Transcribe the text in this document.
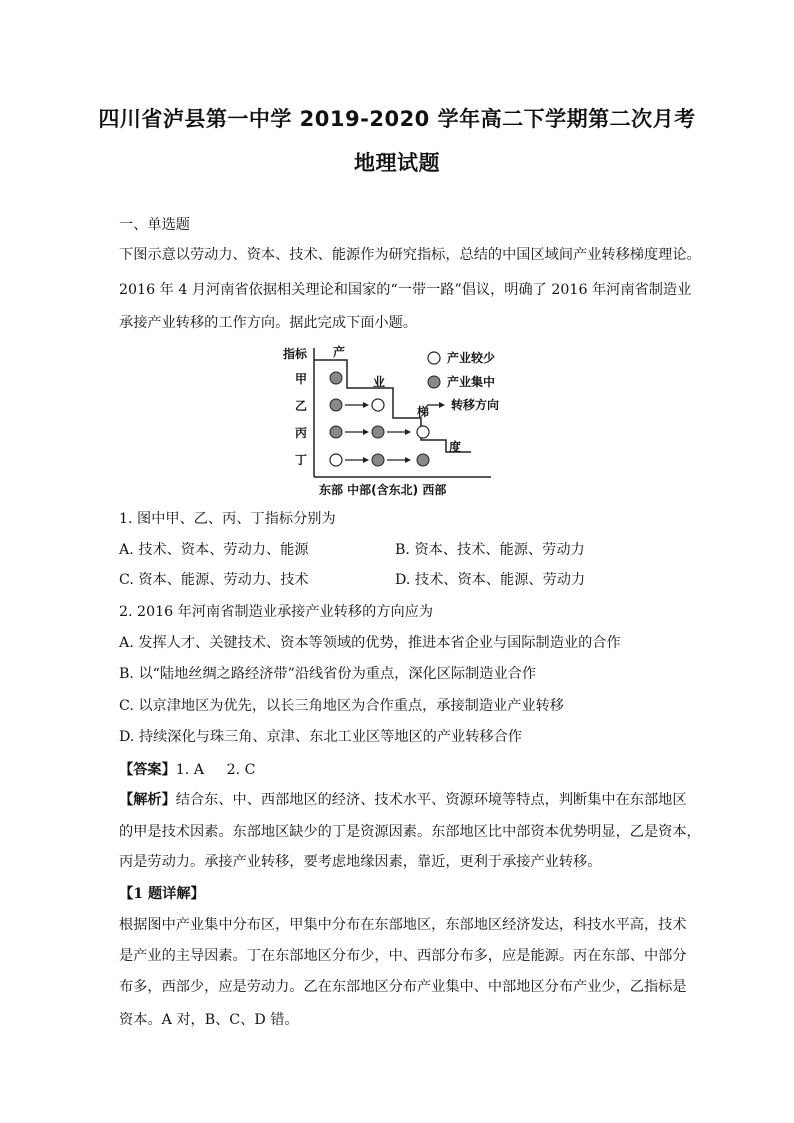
四川省泸县第一中学 2019-2020 学年高二下学期第二次月考
地理试题
一、单选题
下图示意以劳动力、资本、技术、能源作为研究指标，总结的中国区域间产业转移梯度理论。
2016 年 4 月河南省依据相关理论和国家的“一带一路”倡议，明确了 2016 年河南省制造业
承接产业转移的工作方向。据此完成下面小题。
指标
甲
乙
丙
丁
产
业
梯
度
产业较少
产业集中
转移方向
东部 中部(含东北) 西部
1. 图中甲、乙、丙、丁指标分别为
A. 技术、资本、劳动力、能源	B. 资本、技术、能源、劳动力
C. 资本、能源、劳动力、技术	D. 技术、资本、能源、劳动力
2. 2016 年河南省制造业承接产业转移的方向应为
A. 发挥人才、关键技术、资本等领域的优势，推进本省企业与国际制造业的合作
B. 以“陆地丝绸之路经济带”沿线省份为重点，深化区际制造业合作
C. 以京津地区为优先，以长三角地区为合作重点，承接制造业产业转移
D. 持续深化与珠三角、京津、东北工业区等地区的产业转移合作
【答案】1. A     2. C
【解析】结合东、中、西部地区的经济、技术水平、资源环境等特点，判断集中在东部地区
的甲是技术因素。东部地区缺少的丁是资源因素。东部地区比中部资本优势明显，乙是资本，
丙是劳动力。承接产业转移，要考虑地缘因素，靠近，更利于承接产业转移。
【1 题详解】
根据图中产业集中分布区，甲集中分布在东部地区，东部地区经济发达，科技水平高，技术
是产业的主导因素。丁在东部地区分布少，中、西部分布多，应是能源。丙在东部、中部分
布多，西部少，应是劳动力。乙在东部地区分布产业集中、中部地区分布产业少，乙指标是
资本。A 对，B、C、D 错。
